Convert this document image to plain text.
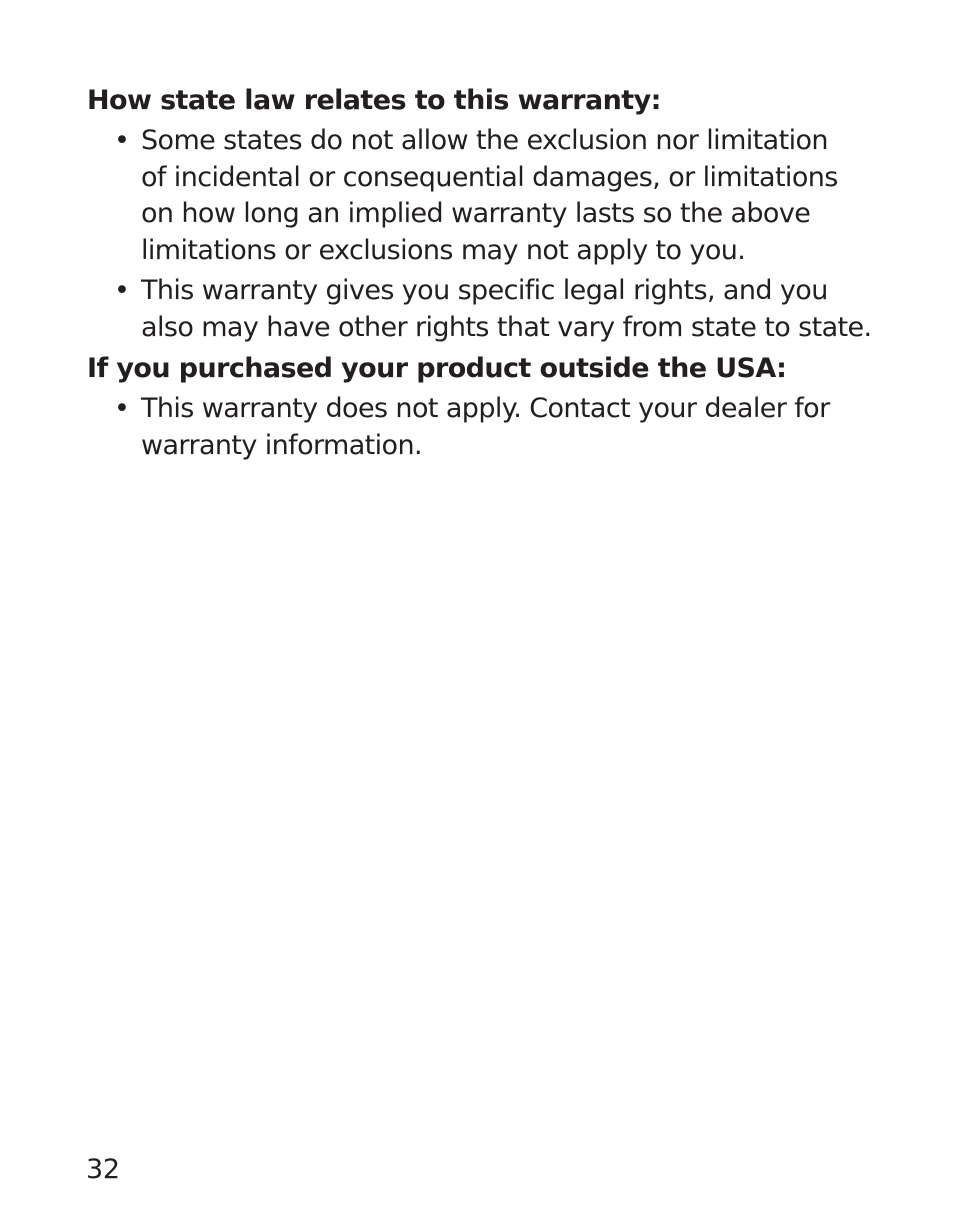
How state law relates to this warranty:
• Some states do not allow the exclusion nor limitation
of incidental or consequential damages, or limitations
on how long an implied warranty lasts so the above
limitations or exclusions may not apply to you.
• This warranty gives you specific legal rights, and you
also may have other rights that vary from state to state.
If you purchased your product outside the USA:
• This warranty does not apply. Contact your dealer for
warranty information.
32
